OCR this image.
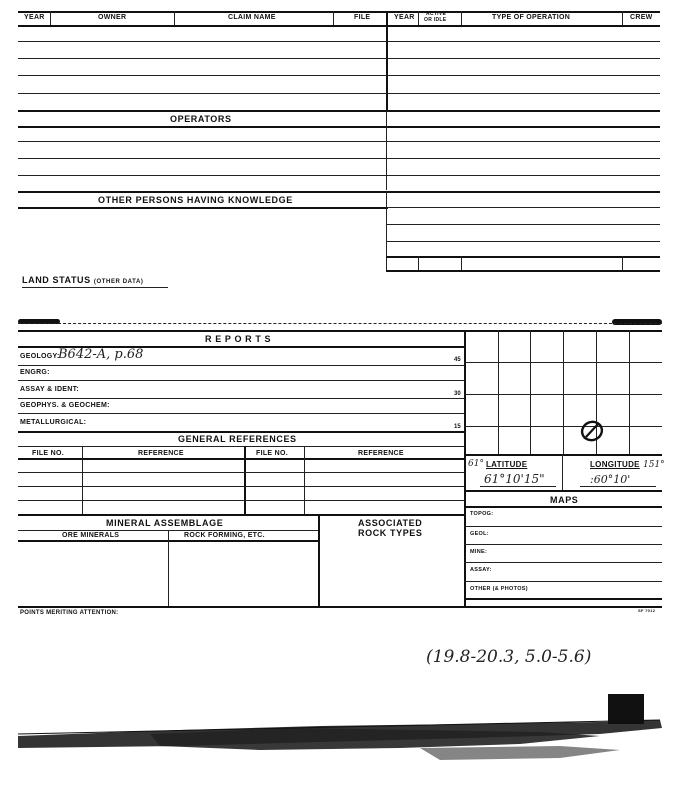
YEAR	OWNER	CLAIM NAME	FILE	YEAR ACTIVE
OR IDLE	TYPE OF OPERATION	CREW
OPERATORS
OTHER PERSONS HAVING KNOWLEDGE
LAND STATUS (OTHER DATA)
R E P O R T S
GEOLOGY:
B642-A, p.68	45
ENGRG:
ASSAY & IDENT:
30
GEOPHYS. & GEOCHEM:
METALLURGICAL:
15
GENERAL REFERENCES
FILE NO.	REFERENCE	FILE NO.	REFERENCE
MINERAL ASSEMBLAGE	ASSOCIATED
ROCK TYPES
ORE MINERALS	ROCK FORMING, ETC.
61° LATITUDE	LONGITUDE 151°
61°10'15"	:60°10'
MAPS
TOPOG:
GEOL:
MINE:
ASSAY:
OTHER (& PHOTOS)
POINTS MERITING ATTENTION:	SF 7012
(19.8-20.3, 5.0-5.6)
